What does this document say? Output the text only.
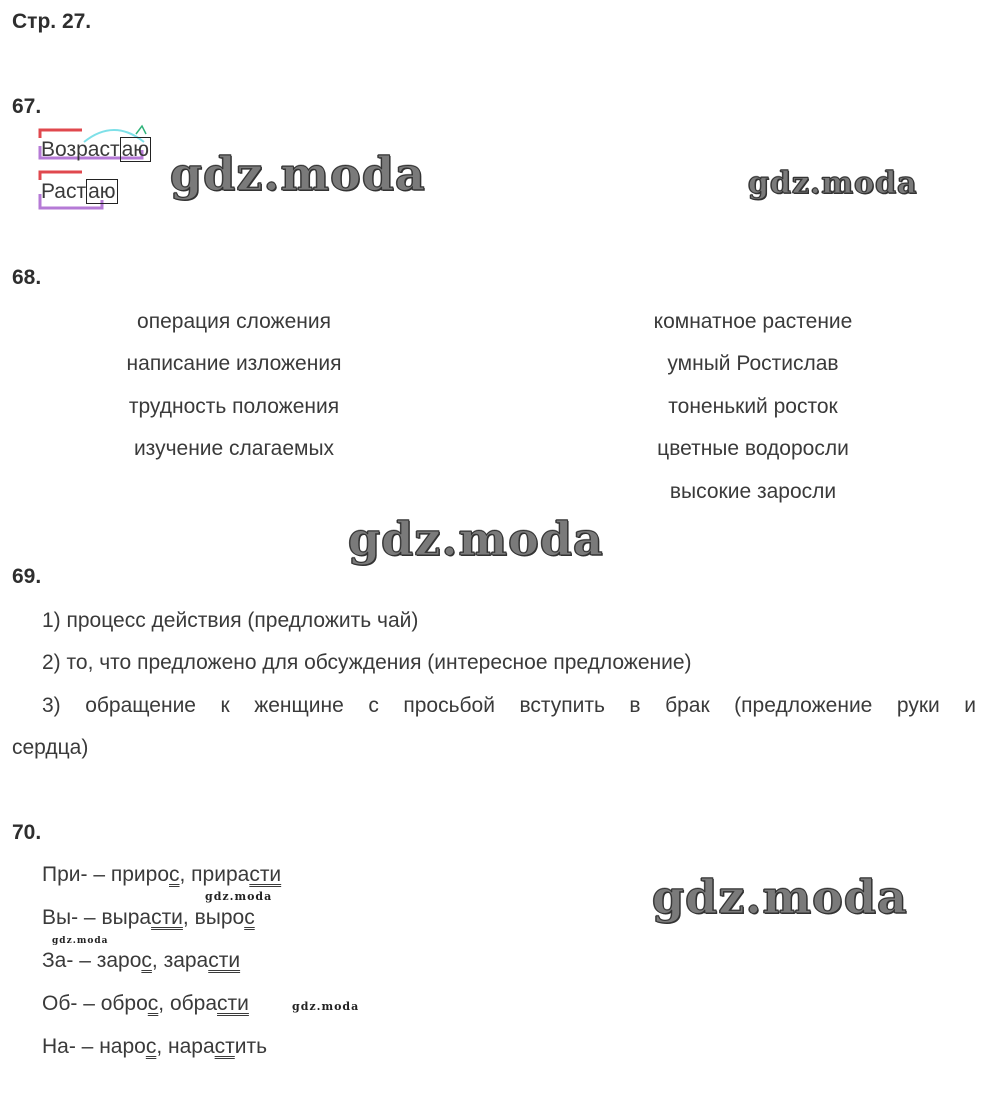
Стр. 27.
67.
Возрастаю
Растаю gdz.moda	gdz.moda
68.
операция сложения
написание изложения
трудность положения
изучение слагаемых
комнатное растение
умный Ростислав
тоненький росток
цветные водоросли
высокие заросли
gdz.moda
69.
1) процесс действия (предложить чай)
2) то, что предложено для обсуждения (интересное предложение)
3) обращение к женщине с просьбой вступить в брак (предложение руки и
сердца)
70.
При- – прирос, прирасти
Вы- – вырасти, вырос
За- – зарос, зарасти
Об- – оброс, обрасти
На- – нарос, нарастить
gdz.moda
gdz.moda
gdz.moda
gdz.moda
